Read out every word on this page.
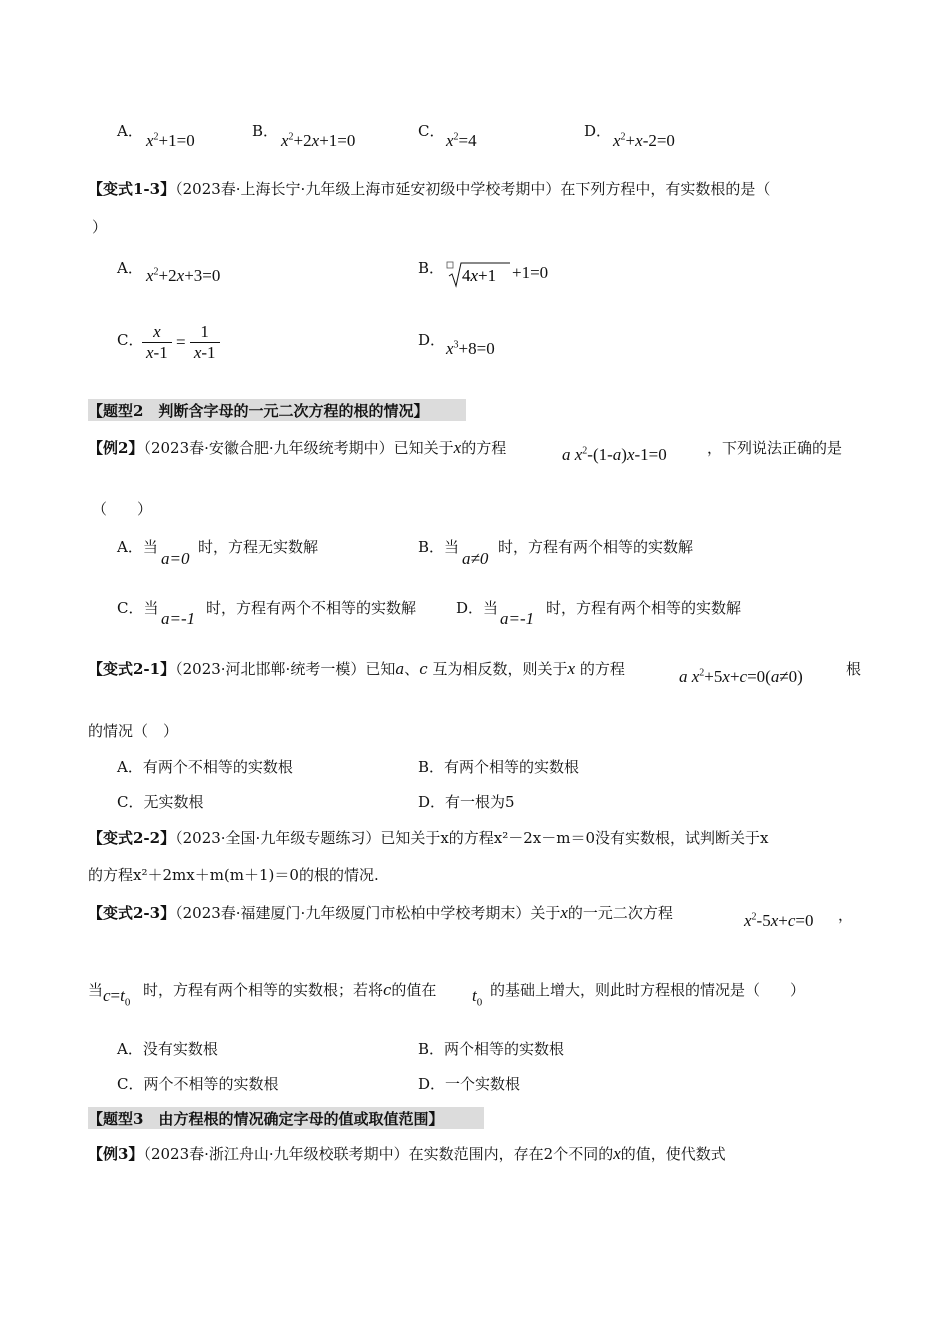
A． $x^2+1=0$	B． $x^2+2x+1=0$	C． $x^2=4$	D． $x^2+x-2=0$
【变式1-3】（2023春·上海长宁·九年级上海市延安初级中学校考期中）在下列方程中，有实数根的是（
）
A． $x^2+2x+3=0$	B． 4x+1 +1=0
C．
$\frac{x}{x-1} = \frac{1}{x-1}$	D． $x^3+8=0$
【题型2　判断含字母的一元二次方程的根的情况】
【例2】（2023春·安徽合肥·九年级统考期中）已知关于x的方程	a $x^2-(1-a)x-1=0$	，下列说法正确的是
（　　）
A．当
a=0
时，方程无实数解	B．当
a≠0
时，方程有两个相等的实数解
C．当
a=-1
时，方程有两个不相等的实数解	D．当
a=-1
时，方程有两个相等的实数解
【变式2-1】（2023·河北邯郸·统考一模）已知a、c 互为相反数，则关于x 的方程	a $x^2+5x+c=0(a\ne 0)$	根
的情况（　）
A．有两个不相等的实数根	B．有两个相等的实数根
C．无实数根	D．有一根为5
【变式2-2】（2023·全国·九年级专题练习）已知关于x的方程x²－2x－m＝0没有实数根，试判断关于x
的方程x²＋2mx＋m(m＋1)＝0的根的情况.
【变式2-3】（2023春·福建厦门·九年级厦门市松柏中学校考期末）关于x的一元二次方程	$x^2-5x+c=0$ ，
当 $c=t_0$
时，方程有两个相等的实数根；若将c的值在 $t_0$
的基础上增大，则此时方程根的情况是（　　）
A．没有实数根	B．两个相等的实数根
C．两个不相等的实数根	D．一个实数根
【题型3　由方程根的情况确定字母的值或取值范围】
【例3】（2023春·浙江舟山·九年级校联考期中）在实数范围内，存在2个不同的x的值，使代数式
